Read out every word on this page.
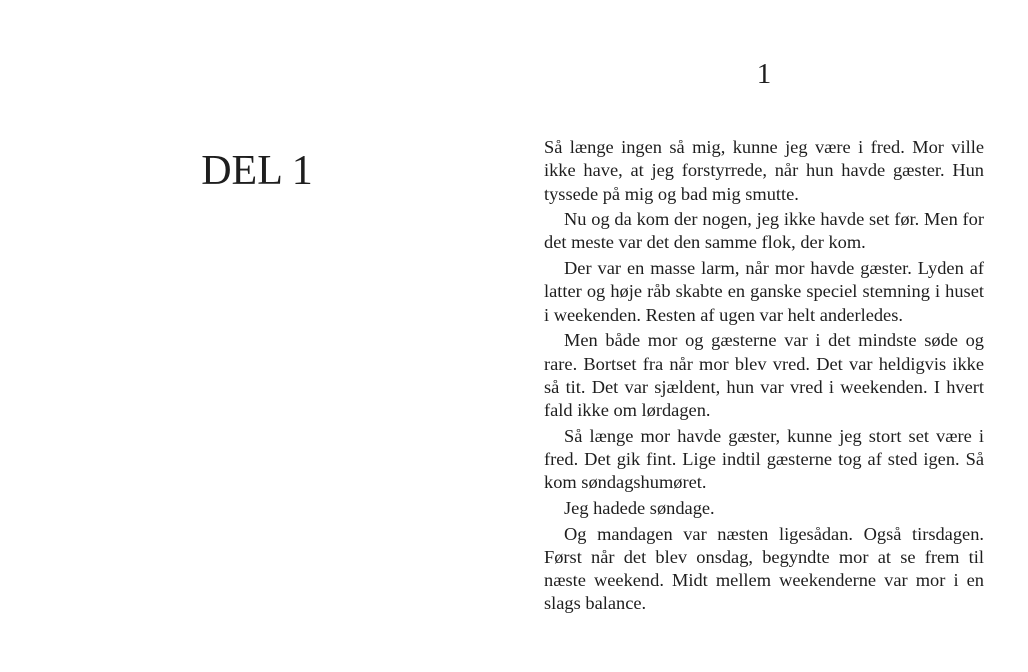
DEL 1
1

Så længe ingen så mig, kunne jeg være i fred. Mor ville ikke have, at jeg forstyrrede, når hun havde gæster. Hun tyssede på mig og bad mig smutte.

Nu og da kom der nogen, jeg ikke havde set før. Men for det meste var det den samme flok, der kom.

Der var en masse larm, når mor havde gæster. Lyden af latter og høje råb skabte en ganske speciel stemning i huset i weekenden. Resten af ugen var helt anderledes.

Men både mor og gæsterne var i det mindste søde og rare. Bortset fra når mor blev vred. Det var heldigvis ikke så tit. Det var sjældent, hun var vred i weekenden. I hvert fald ikke om lørdagen.

Så længe mor havde gæster, kunne jeg stort set være i fred. Det gik fint. Lige indtil gæsterne tog af sted igen. Så kom søndagshumøret.

Jeg hadede søndage.

Og mandagen var næsten ligesådan. Også tirsdagen. Først når det blev onsdag, begyndte mor at se frem til næste weekend. Midt mellem weekenderne var mor i en slags balance.
